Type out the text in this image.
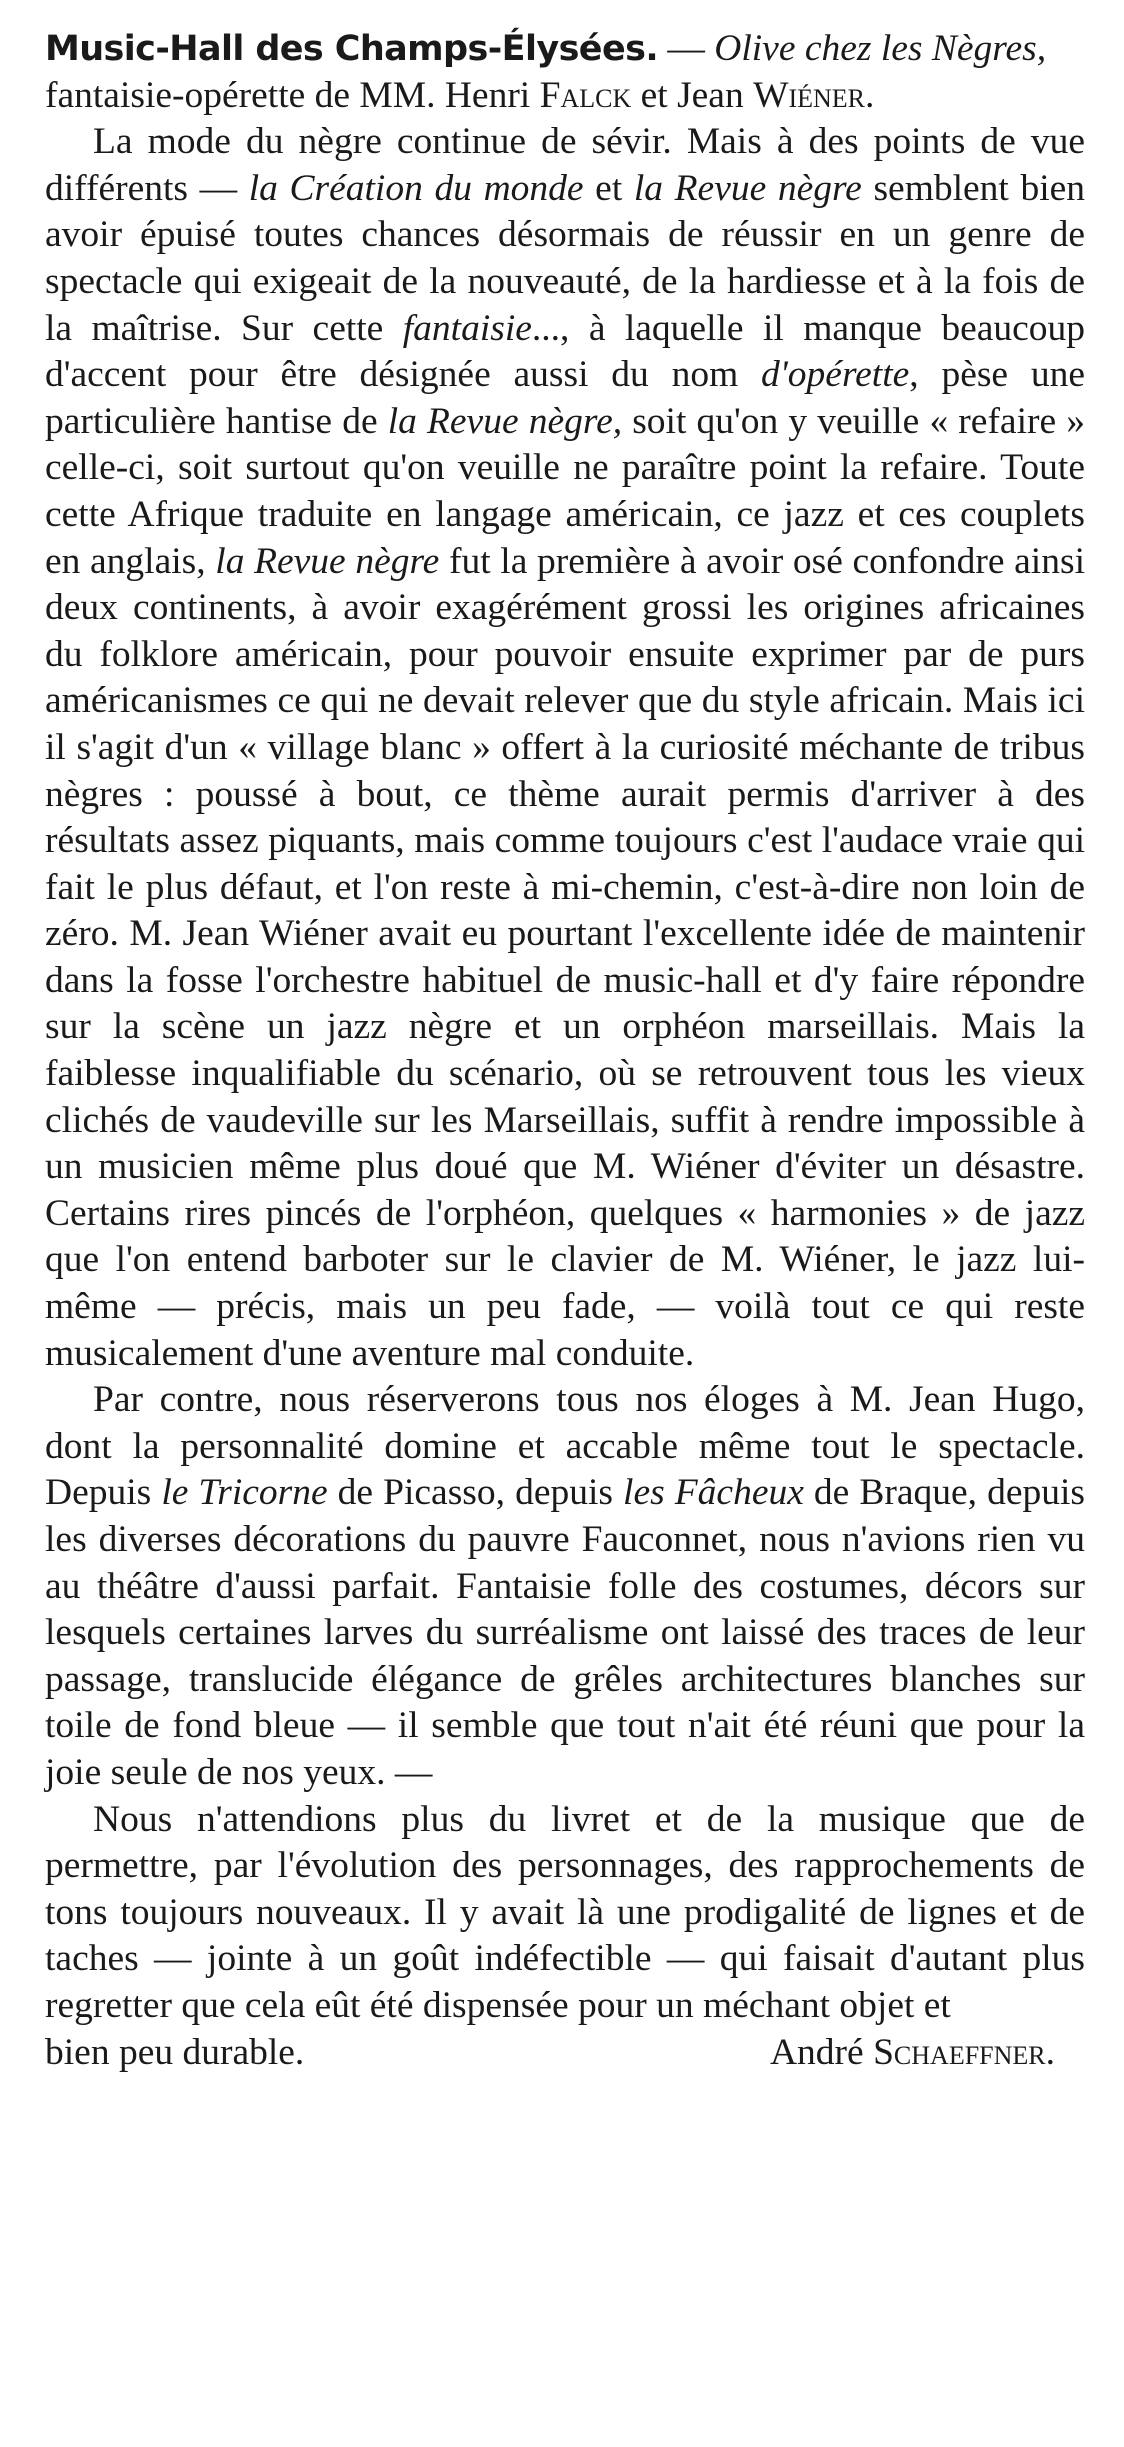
Music-Hall des Champs-Élysées. — Olive chez les Nègres,
fantaisie-opérette de MM. Henri Falck et Jean Wiéner.

La mode du nègre continue de sévir. Mais à des points de vue différents — la Création du monde et la Revue nègre semblent bien avoir épuisé toutes chances désormais de réussir en un genre de spectacle qui exigeait de la nouveauté, de la hardiesse et à la fois de la maîtrise. Sur cette fantaisie..., à laquelle il manque beaucoup d'accent pour être désignée aussi du nom d'opérette, pèse une particulière hantise de la Revue nègre, soit qu'on y veuille « refaire » celle-ci, soit surtout qu'on veuille ne paraître point la refaire. Toute cette Afrique traduite en langage américain, ce jazz et ces couplets en anglais, la Revue nègre fut la première à avoir osé confondre ainsi deux continents, à avoir exagérément grossi les origines africaines du folklore américain, pour pouvoir ensuite exprimer par de purs américanismes ce qui ne devait relever que du style africain. Mais ici il s'agit d'un « village blanc » offert à la curiosité méchante de tribus nègres : poussé à bout, ce thème aurait permis d'arriver à des résultats assez piquants, mais comme toujours c'est l'audace vraie qui fait le plus défaut, et l'on reste à mi-chemin, c'est-à-dire non loin de zéro. M. Jean Wiéner avait eu pourtant l'excellente idée de maintenir dans la fosse l'orchestre habituel de music-hall et d'y faire répondre sur la scène un jazz nègre et un orphéon marseillais. Mais la faiblesse inqualifiable du scénario, où se retrouvent tous les vieux clichés de vaudeville sur les Marseillais, suffit à rendre impossible à un musicien même plus doué que M. Wiéner d'éviter un désastre. Certains rires pincés de l'orphéon, quelques « harmonies » de jazz que l'on entend barboter sur le clavier de M. Wiéner, le jazz lui-même — précis, mais un peu fade, — voilà tout ce qui reste musicalement d'une aventure mal conduite.

Par contre, nous réserverons tous nos éloges à M. Jean Hugo, dont la personnalité domine et accable même tout le spectacle. Depuis le Tricorne de Picasso, depuis les Fâcheux de Braque, depuis les diverses décorations du pauvre Fauconnet, nous n'avions rien vu au théâtre d'aussi parfait. Fantaisie folle des costumes, décors sur lesquels certaines larves du surréalisme ont laissé des traces de leur passage, translucide élégance de grêles architectures blanches sur toile de fond bleue — il semble que tout n'ait été réuni que pour la joie seule de nos yeux. —

Nous n'attendions plus du livret et de la musique que de permettre, par l'évolution des personnages, des rapprochements de tons toujours nouveaux. Il y avait là une prodigalité de lignes et de taches — jointe à un goût indéfectible — qui faisait d'autant plus regretter que cela eût été dispensée pour un méchant objet et

bien peu durable.	André Schaeffner.
